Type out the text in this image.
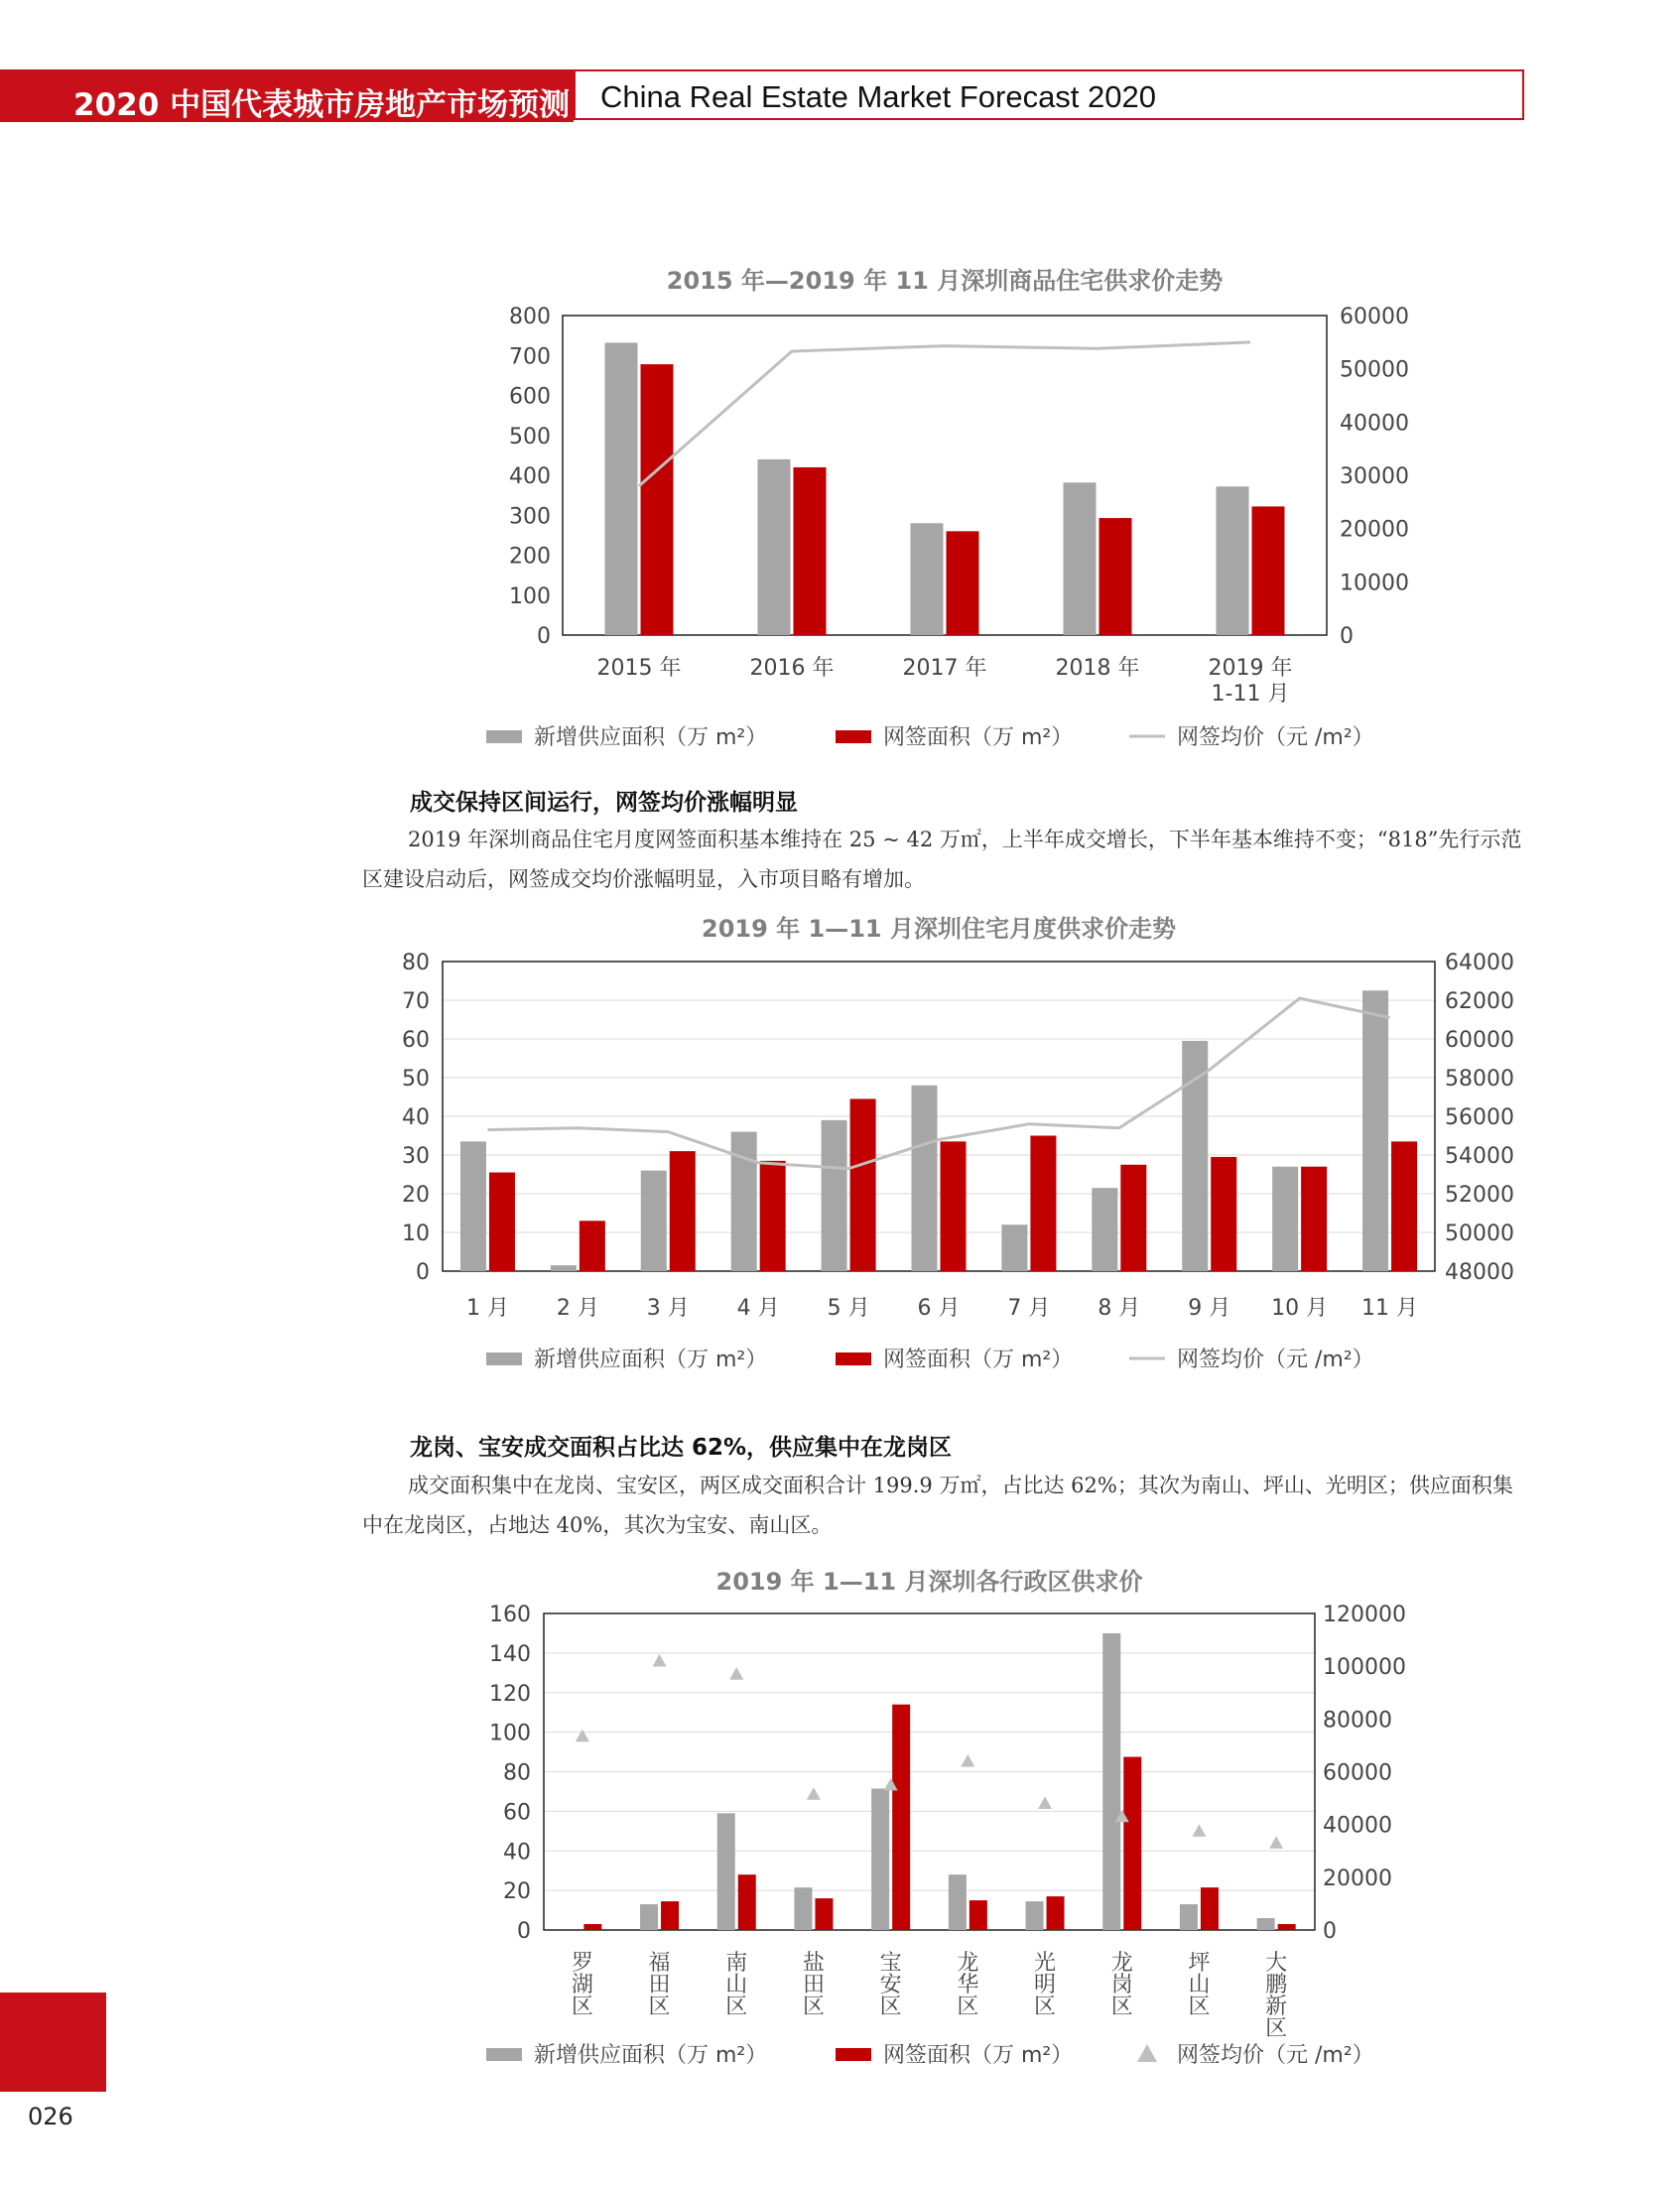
2020 中国代表城市房地产市场预测 China Real Estate Market Forecast 2020
2015 年—2019 年 11 月深圳商品住宅供求价走势
0
100
200
300
400
500
600
700
800
0
10000
20000
30000
40000
50000
60000
2015 年	2016 年	2017 年	2018 年	2019 年
1-11 月
新增供应面积（万 m²）	网签面积（万 m²）	网签均价（元 /m²）
成交保持区间运行，网签均价涨幅明显
2019 年深圳商品住宅月度网签面积基本维持在 25 ~ 42 万㎡，上半年成交增长，下半年基本维持不变；“818”先行示范区建设启动后，网签成交均价涨幅明显，入市项目略有增加。
2019 年 1—11 月深圳住宅月度供求价走势
0
10
20
30
40
50
60
70
80
48000
50000
52000
54000
56000
58000
60000
62000
64000
1 月 2 月 3 月 4 月 5 月 6 月 7 月 8 月 9 月 10 月 11 月
新增供应面积（万 m²）	网签面积（万 m²）	网签均价（元 /m²）
龙岗、宝安成交面积占比达 62%，供应集中在龙岗区
成交面积集中在龙岗、宝安区，两区成交面积合计 199.9 万㎡，占比达 62%；其次为南山、坪山、光明区；供应面积集中在龙岗区，占地达 40%，其次为宝安、南山区。
2019 年 1—11 月深圳各行政区供求价
0
20
40
60
80
100
120
140
160
0
20000
40000
60000
80000
100000
120000
罗湖区
福田区
南山区
盐田区
宝安区
龙华区
光明区
龙岗区
坪山区
大鹏新区
新增供应面积（万 m²）	网签面积（万 m²）	网签均价（元 /m²）
026
